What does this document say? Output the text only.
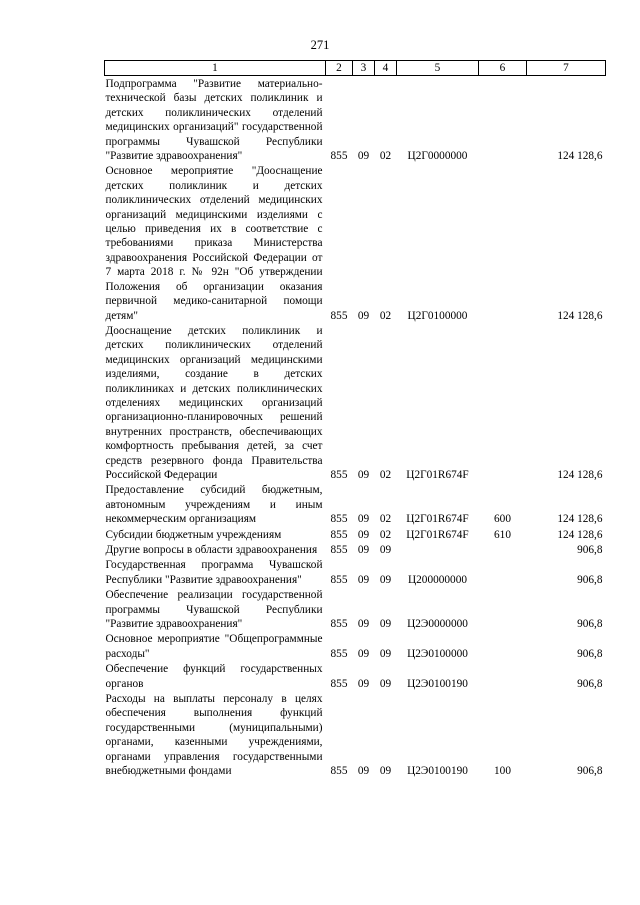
271
1	2	3	4	5	6	7
Подпрограмма "Развитие материально-технической базы детских поликлиник и детских поликлинических отделений медицинских организаций" государственной программы Чувашской Республики "Развитие здравоохранения"	855	09	02	Ц2Г0000000		124 128,6
Основное мероприятие "Дооснащение детских поликлиник и детских поликлинических отделений медицинских организаций медицинскими изделиями с целью приведения их в соответствие с требованиями приказа Министерства здравоохранения Российской Федерации от 7 марта 2018 г. № 92н "Об утверждении Положения об организации оказания первичной медико-санитарной помощи детям"	855	09	02	Ц2Г0100000		124 128,6
Дооснащение детских поликлиник и детских поликлинических отделений медицинских организаций медицинскими изделиями, создание в детских поликлиниках и детских поликлинических отделениях медицинских организаций организационно-планировочных решений внутренних пространств, обеспечивающих комфортность пребывания детей, за счет средств резервного фонда Правительства Российской Федерации	855	09	02	Ц2Г01R674F		124 128,6
Предоставление субсидий бюджетным, автономным учреждениям и иным некоммерческим организациям	855	09	02	Ц2Г01R674F	600	124 128,6
Субсидии бюджетным учреждениям	855	09	02	Ц2Г01R674F	610	124 128,6
Другие вопросы в области здравоохранения	855	09	09			906,8
Государственная программа Чувашской Республики "Развитие здравоохранения"	855	09	09	Ц200000000		906,8
Обеспечение реализации государственной программы Чувашской Республики "Развитие здравоохранения"	855	09	09	Ц2Э0000000		906,8
Основное мероприятие "Общепрограммные расходы"	855	09	09	Ц2Э0100000		906,8
Обеспечение функций государственных органов	855	09	09	Ц2Э0100190		906,8
Расходы на выплаты персоналу в целях обеспечения выполнения функций государственными (муниципальными) органами, казенными учреждениями, органами управления государственными внебюджетными фондами	855	09	09	Ц2Э0100190	100	906,8
